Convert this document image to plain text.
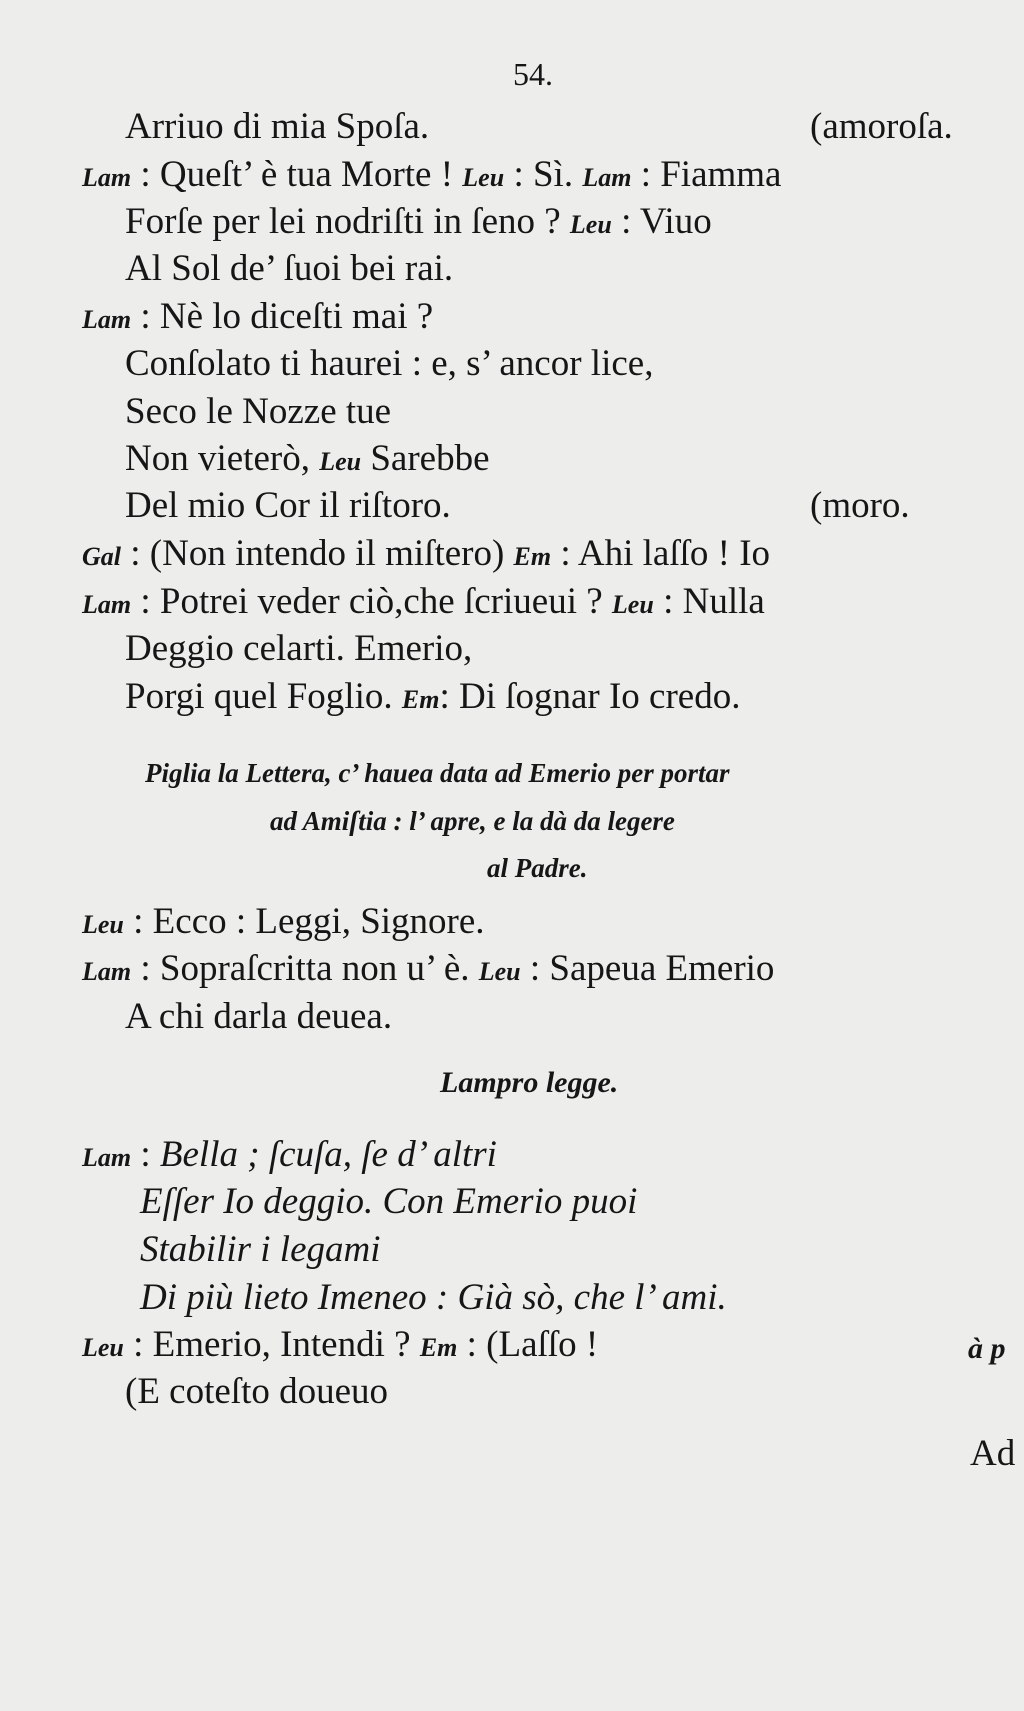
54.
Arriuo di mia Spoſa.	(amoroſa.
Lam : Queſt’ è tua Morte ! Leu : Sì. Lam : Fiamma
Forſe per lei nodriſti in ſeno ? Leu : Viuo
Al Sol de’ ſuoi bei rai.
Lam : Nè lo diceſti mai ?
Conſolato ti haurei : e, s’ ancor lice,
Seco le Nozze tue
Non vieterò, Leu Sarebbe
Del mio Cor il riſtoro.	(moro.
Gal : (Non intendo il miſtero) Em : Ahi laſſo ! Io
Lam : Potrei veder ciò,che ſcriueui ? Leu : Nulla
Deggio celarti. Emerio,
Porgi quel Foglio. Em: Di ſognar Io credo.
Piglia la Lettera, c’ hauea data ad Emerio per portar
ad Amiſtia : l’ apre, e la dà da legere
al Padre.
Leu : Ecco : Leggi, Signore.
Lam : Sopraſcritta non u’ è. Leu : Sapeua Emerio
A chi darla deuea.
Lampro legge.
Lam : Bella ; ſcuſa, ſe d’ altri
Eſſer Io deggio. Con Emerio puoi
Stabilir i legami
Di più lieto Imeneo : Già sò, che l’ ami.
Leu : Emerio, Intendi ? Em : (Laſſo !	à p
(E coteſto doueuo
Ad
